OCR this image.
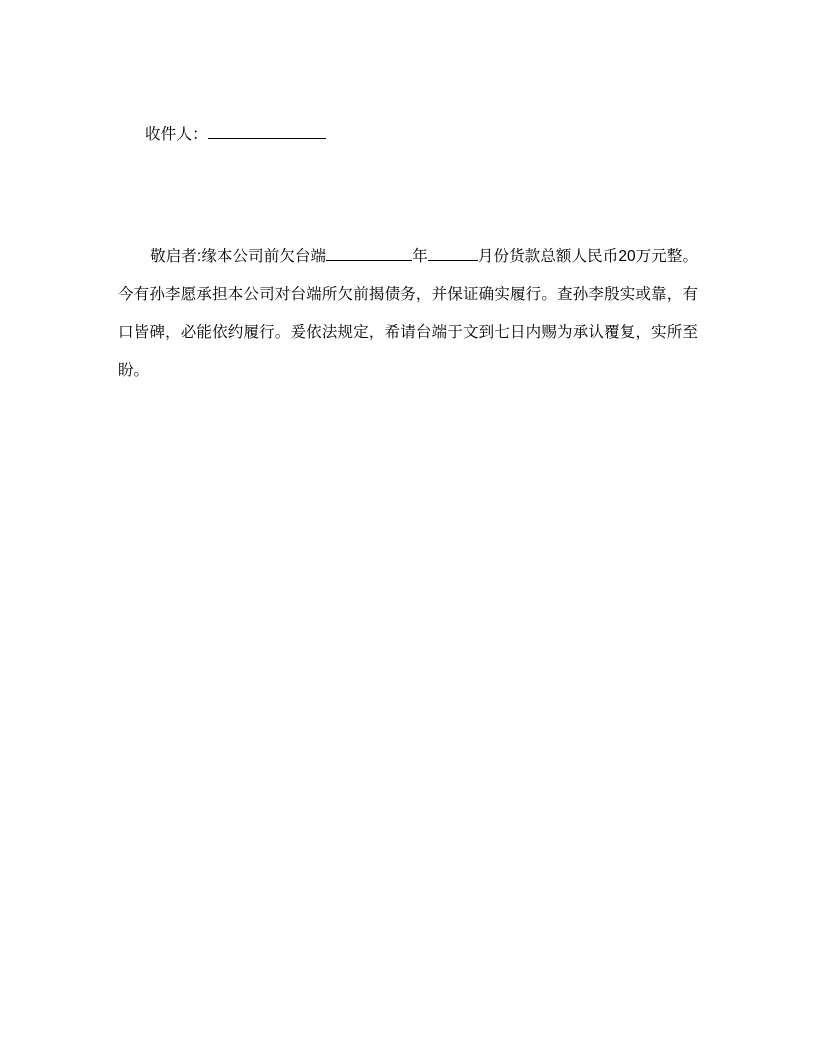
收件人：

敬启者:缘本公司前欠台端	年	月份货款总额人民币20万元整。今有孙李愿承担本公司对台端所欠前揭债务，并保证确实履行。查孙李殷实或靠，有口皆碑，必能依约履行。爰依法规定，希请台端于文到七日内赐为承认覆复，实所至盼。
